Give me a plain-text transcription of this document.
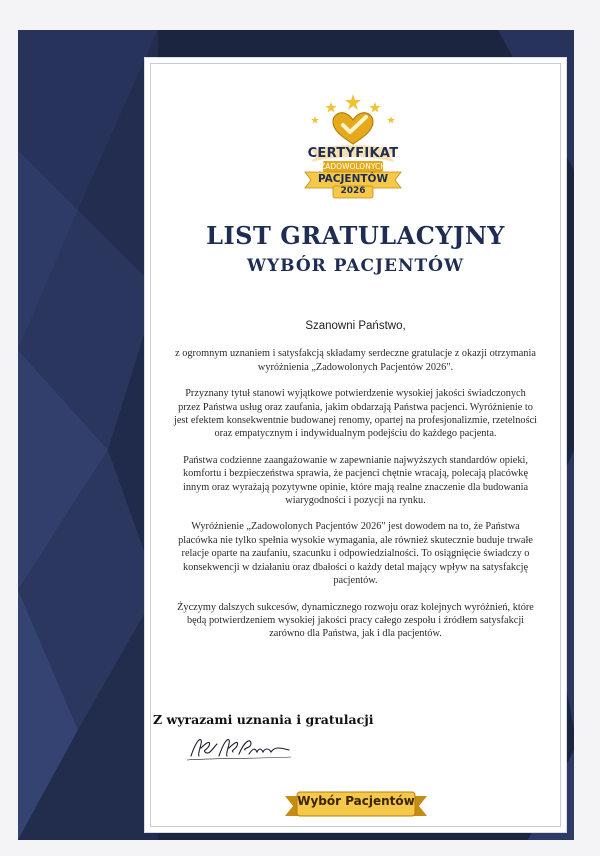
CERTYFIKAT
ZADOWOLONYCH
PACJENTÓW
2026
LIST GRATULACYJNY
WYBÓR PACJENTÓW
Szanowni Państwo,

z ogromnym uznaniem i satysfakcją składamy serdeczne gratulacje z okazji otrzymania wyróżnienia „Zadowolonych Pacjentów 2026".

Przyznany tytuł stanowi wyjątkowe potwierdzenie wysokiej jakości świadczonych przez Państwa usług oraz zaufania, jakim obdarzają Państwa pacjenci. Wyróżnienie to jest efektem konsekwentnie budowanej renomy, opartej na profesjonalizmie, rzetelności oraz empatycznym i indywidualnym podejściu do każdego pacjenta.

Państwa codzienne zaangażowanie w zapewnianie najwyższych standardów opieki, komfortu i bezpieczeństwa sprawia, że pacjenci chętnie wracają, polecają placówkę innym oraz wyrażają pozytywne opinie, które mają realne znaczenie dla budowania wiarygodności i pozycji na rynku.

Wyróżnienie „Zadowolonych Pacjentów 2026" jest dowodem na to, że Państwa placówka nie tylko spełnia wysokie wymagania, ale również skutecznie buduje trwałe relacje oparte na zaufaniu, szacunku i odpowiedzialności. To osiągnięcie świadczy o konsekwencji w działaniu oraz dbałości o każdy detal mający wpływ na satysfakcję pacjentów.

Życzymy dalszych sukcesów, dynamicznego rozwoju oraz kolejnych wyróżnień, które będą potwierdzeniem wysokiej jakości pracy całego zespołu i źródłem satysfakcji zarówno dla Państwa, jak i dla pacjentów.

Z wyrazami uznania i gratulacji
Wybór Pacjentów
